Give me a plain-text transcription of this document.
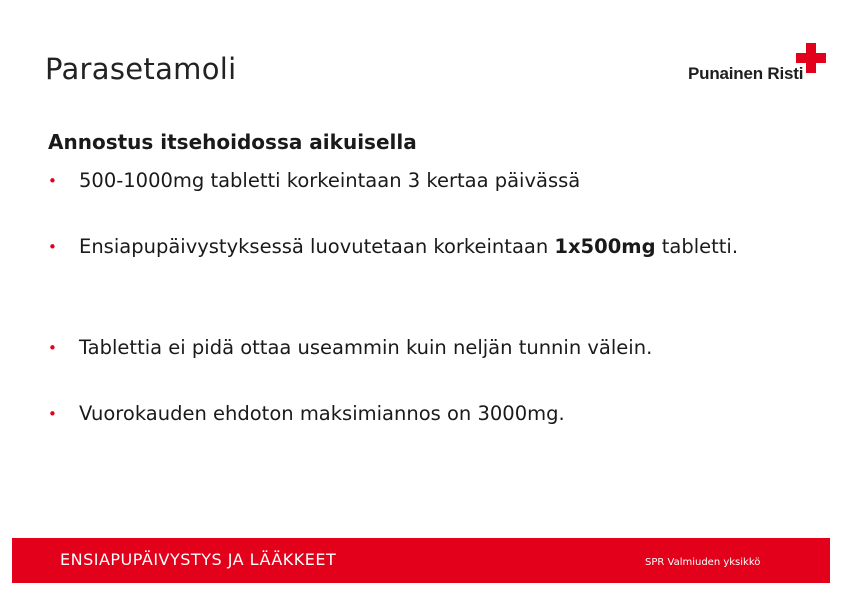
Parasetamoli	Punainen Risti
Annostus itsehoidossa aikuisella
• 500-1000mg tabletti korkeintaan 3 kertaa päivässä
• Ensiapupäivystyksessä luovutetaan korkeintaan 1x500mg tabletti.
• Tablettia ei pidä ottaa useammin kuin neljän tunnin välein.
• Vuorokauden ehdoton maksimiannos on 3000mg.
ENSIAPUPÄIVYSTYS JA LÄÄKKEET	SPR Valmiuden yksikkö
